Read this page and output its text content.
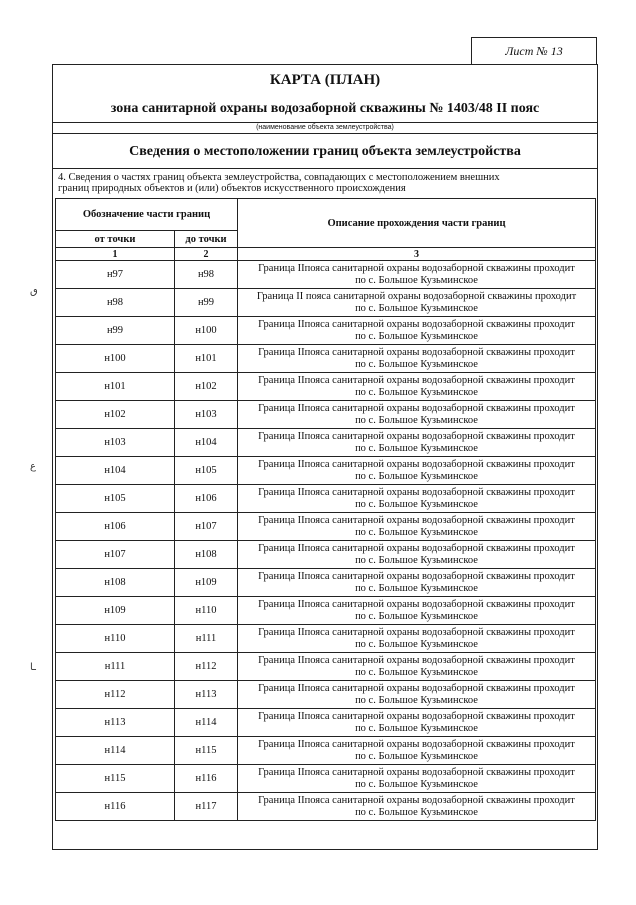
Лист № 13
ٯ
ع
ـا
КАРТА (ПЛАН)
зона санитарной охраны водозаборной скважины № 1403/48 II пояс
(наименование объекта землеустройства)
Сведения о местоположении границ объекта землеустройства
4. Сведения о частях границ объекта землеустройства, совпадающих с местоположением внешних
границ природных объектов и (или) объектов искусственного происхождения
Обозначение части границ		Описание прохождения части границ
от точки	до точки	
1	2	3
н97	н98	Граница IIпояса санитарной охраны водозаборной скважины проходит
по с. Большое Кузьминское

н98	н99	Граница II пояса санитарной охраны водозаборной скважины проходит
по с. Большое Кузьминское

н99	н100	Граница IIпояса санитарной охраны водозаборной скважины проходит
по с. Большое Кузьминское

н100	н101	Граница IIпояса санитарной охраны водозаборной скважины проходит
по с. Большое Кузьминское

н101	н102	Граница IIпояса санитарной охраны водозаборной скважины проходит
по с. Большое Кузьминское

н102	н103	Граница IIпояса санитарной охраны водозаборной скважины проходит
по с. Большое Кузьминское

н103	н104	Граница IIпояса санитарной охраны водозаборной скважины проходит
по с. Большое Кузьминское

н104	н105	Граница IIпояса санитарной охраны водозаборной скважины проходит
по с. Большое Кузьминское

н105	н106	Граница IIпояса санитарной охраны водозаборной скважины проходит
по с. Большое Кузьминское

н106	н107	Граница IIпояса санитарной охраны водозаборной скважины проходит
по с. Большое Кузьминское

н107	н108	Граница IIпояса санитарной охраны водозаборной скважины проходит
по с. Большое Кузьминское

н108	н109	Граница IIпояса санитарной охраны водозаборной скважины проходит
по с. Большое Кузьминское

н109	н110	Граница IIпояса санитарной охраны водозаборной скважины проходит
по с. Большое Кузьминское

н110	н111	Граница IIпояса санитарной охраны водозаборной скважины проходит
по с. Большое Кузьминское

н111	н112	Граница IIпояса санитарной охраны водозаборной скважины проходит
по с. Большое Кузьминское

н112	н113	Граница IIпояса санитарной охраны водозаборной скважины проходит
по с. Большое Кузьминское

н113	н114	Граница IIпояса санитарной охраны водозаборной скважины проходит
по с. Большое Кузьминское

н114	н115	Граница IIпояса санитарной охраны водозаборной скважины проходит
по с. Большое Кузьминское

н115	н116	Граница IIпояса санитарной охраны водозаборной скважины проходит
по с. Большое Кузьминское

н116	н117	Граница IIпояса санитарной охраны водозаборной скважины проходит
по с. Большое Кузьминское
